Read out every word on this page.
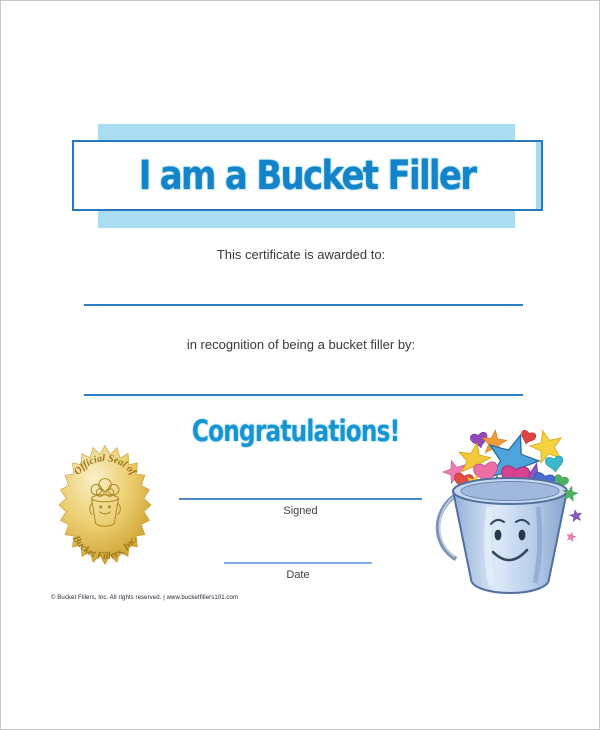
I am a Bucket Filler
This certificate is awarded to:
in recognition of being a bucket filler by:
Congratulations!
Official Seal of
Bucket Fillers, Inc.
Signed
Date
© Bucket Fillers, Inc. All rights reserved. | www.bucketfillers101.com
